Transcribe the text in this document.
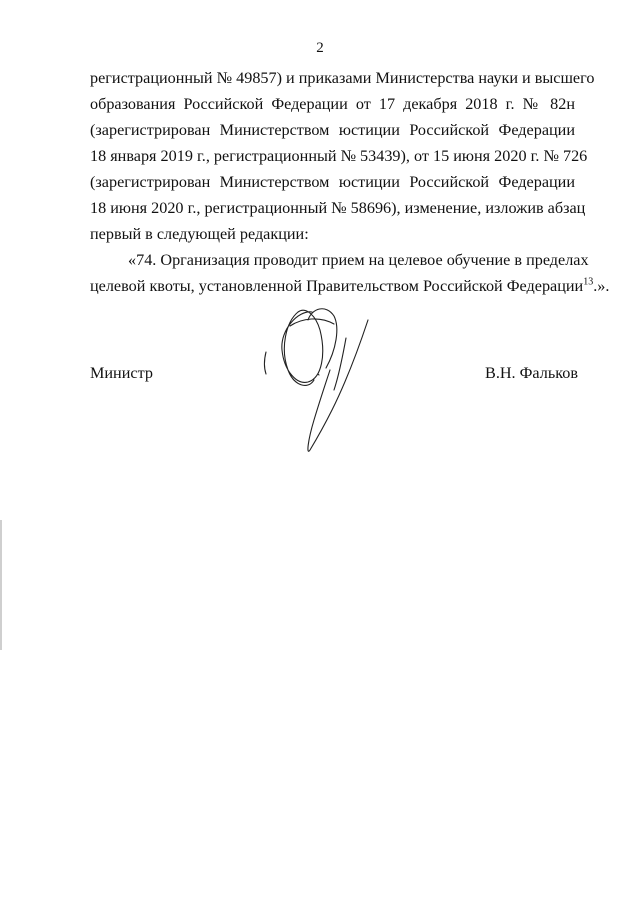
2
регистрационный № 49857) и приказами Министерства науки и высшего
образования Российской Федерации от 17 декабря 2018 г. № 82н
(зарегистрирован Министерством юстиции Российской Федерации
18 января 2019 г., регистрационный № 53439), от 15 июня 2020 г. № 726
(зарегистрирован Министерством юстиции Российской Федерации
18 июня 2020 г., регистрационный № 58696), изменение, изложив абзац
первый в следующей редакции:
«74. Организация проводит прием на целевое обучение в пределах
целевой квоты, установленной Правительством Российской Федерации$^{13}$.».
Министр	В.Н. Фальков
